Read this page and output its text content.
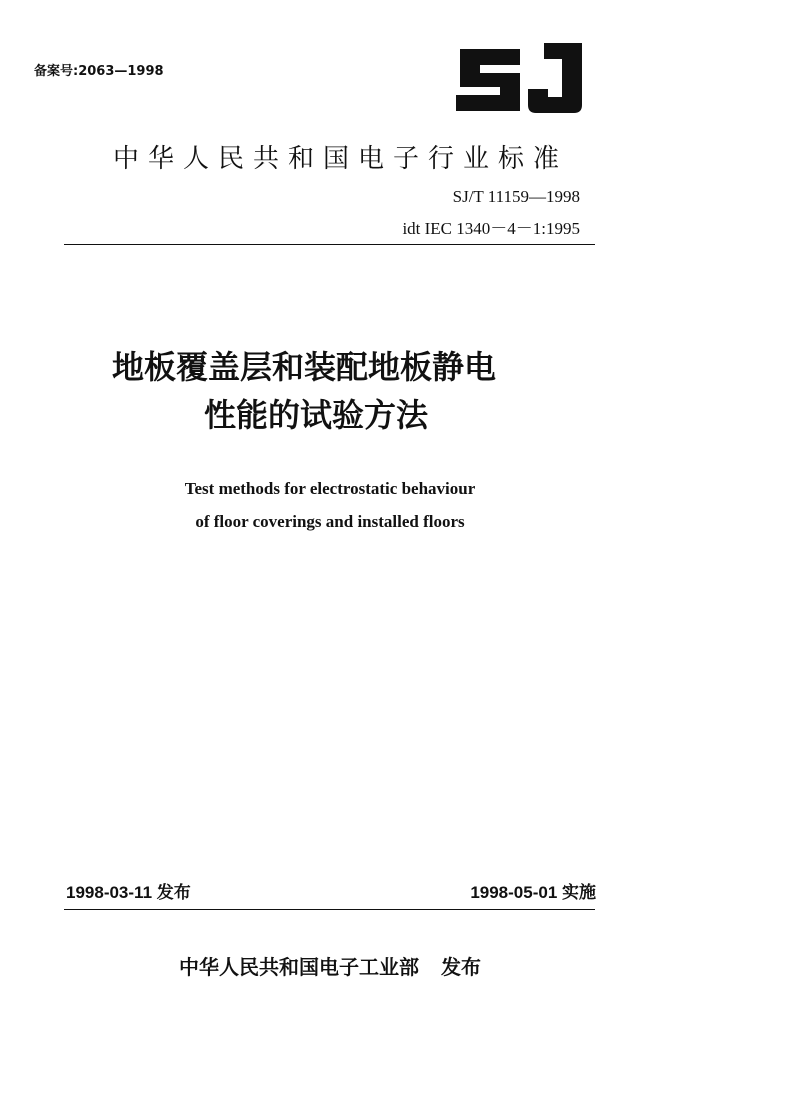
备案号:2063—1998
中华人民共和国电子行业标准
SJ/T 11159—1998
idt IEC 1340－4－1:1995
地板覆盖层和装配地板静电
性能的试验方法
Test methods for electrostatic behaviour
of floor coverings and installed floors
1998-03-11 发布	1998-05-01 实施
中华人民共和国电子工业部 发布
